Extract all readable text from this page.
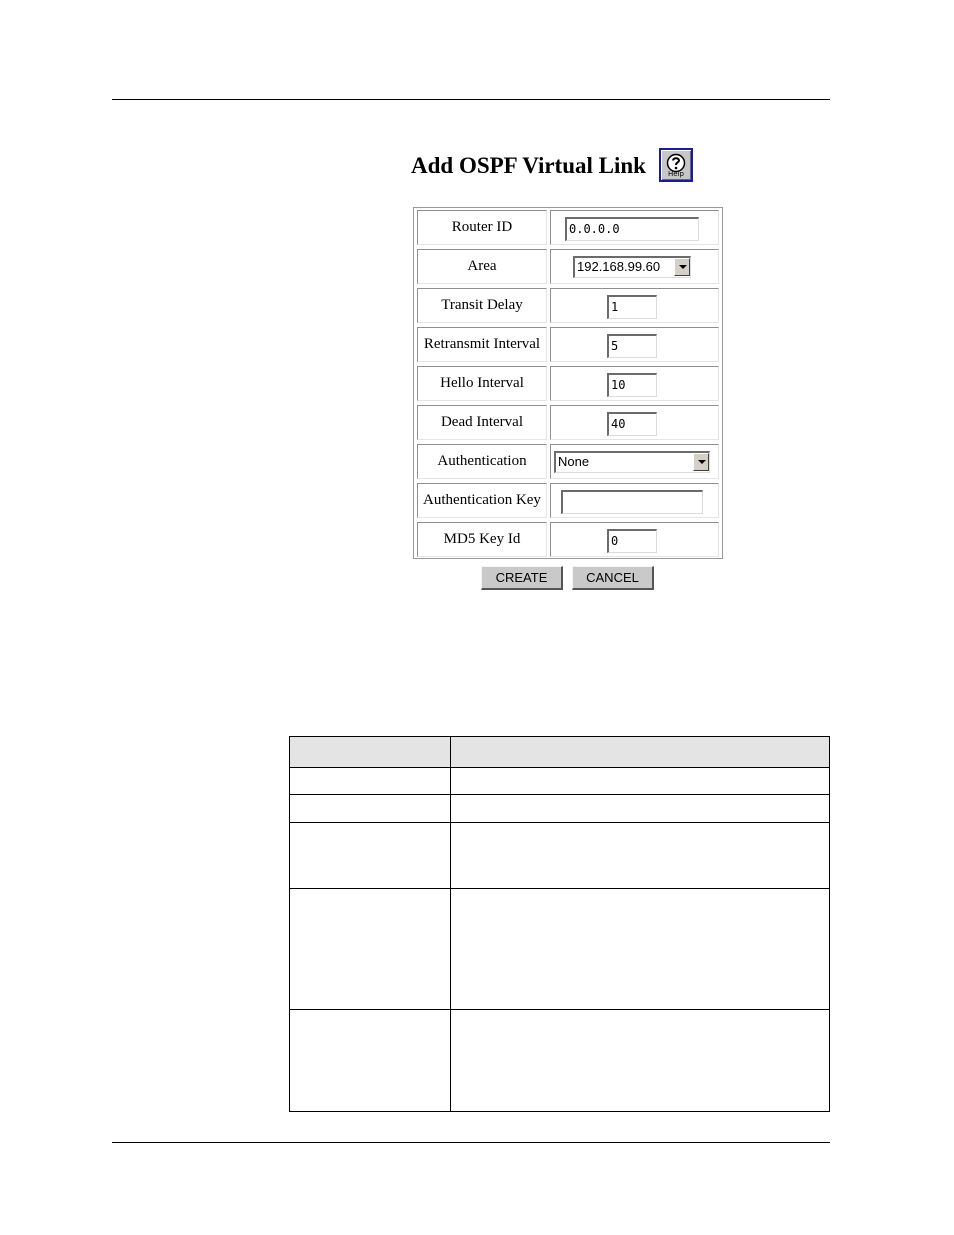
Add OSPF Virtual Link	Help
Router ID	0.0.0.0
Area	192.168.99.60
Transit Delay	1
Retransmit Interval	5
Hello Interval	10
Dead Interval	40
Authentication	None
Authentication Key
MD5 Key Id	0
CREATE	CANCEL
